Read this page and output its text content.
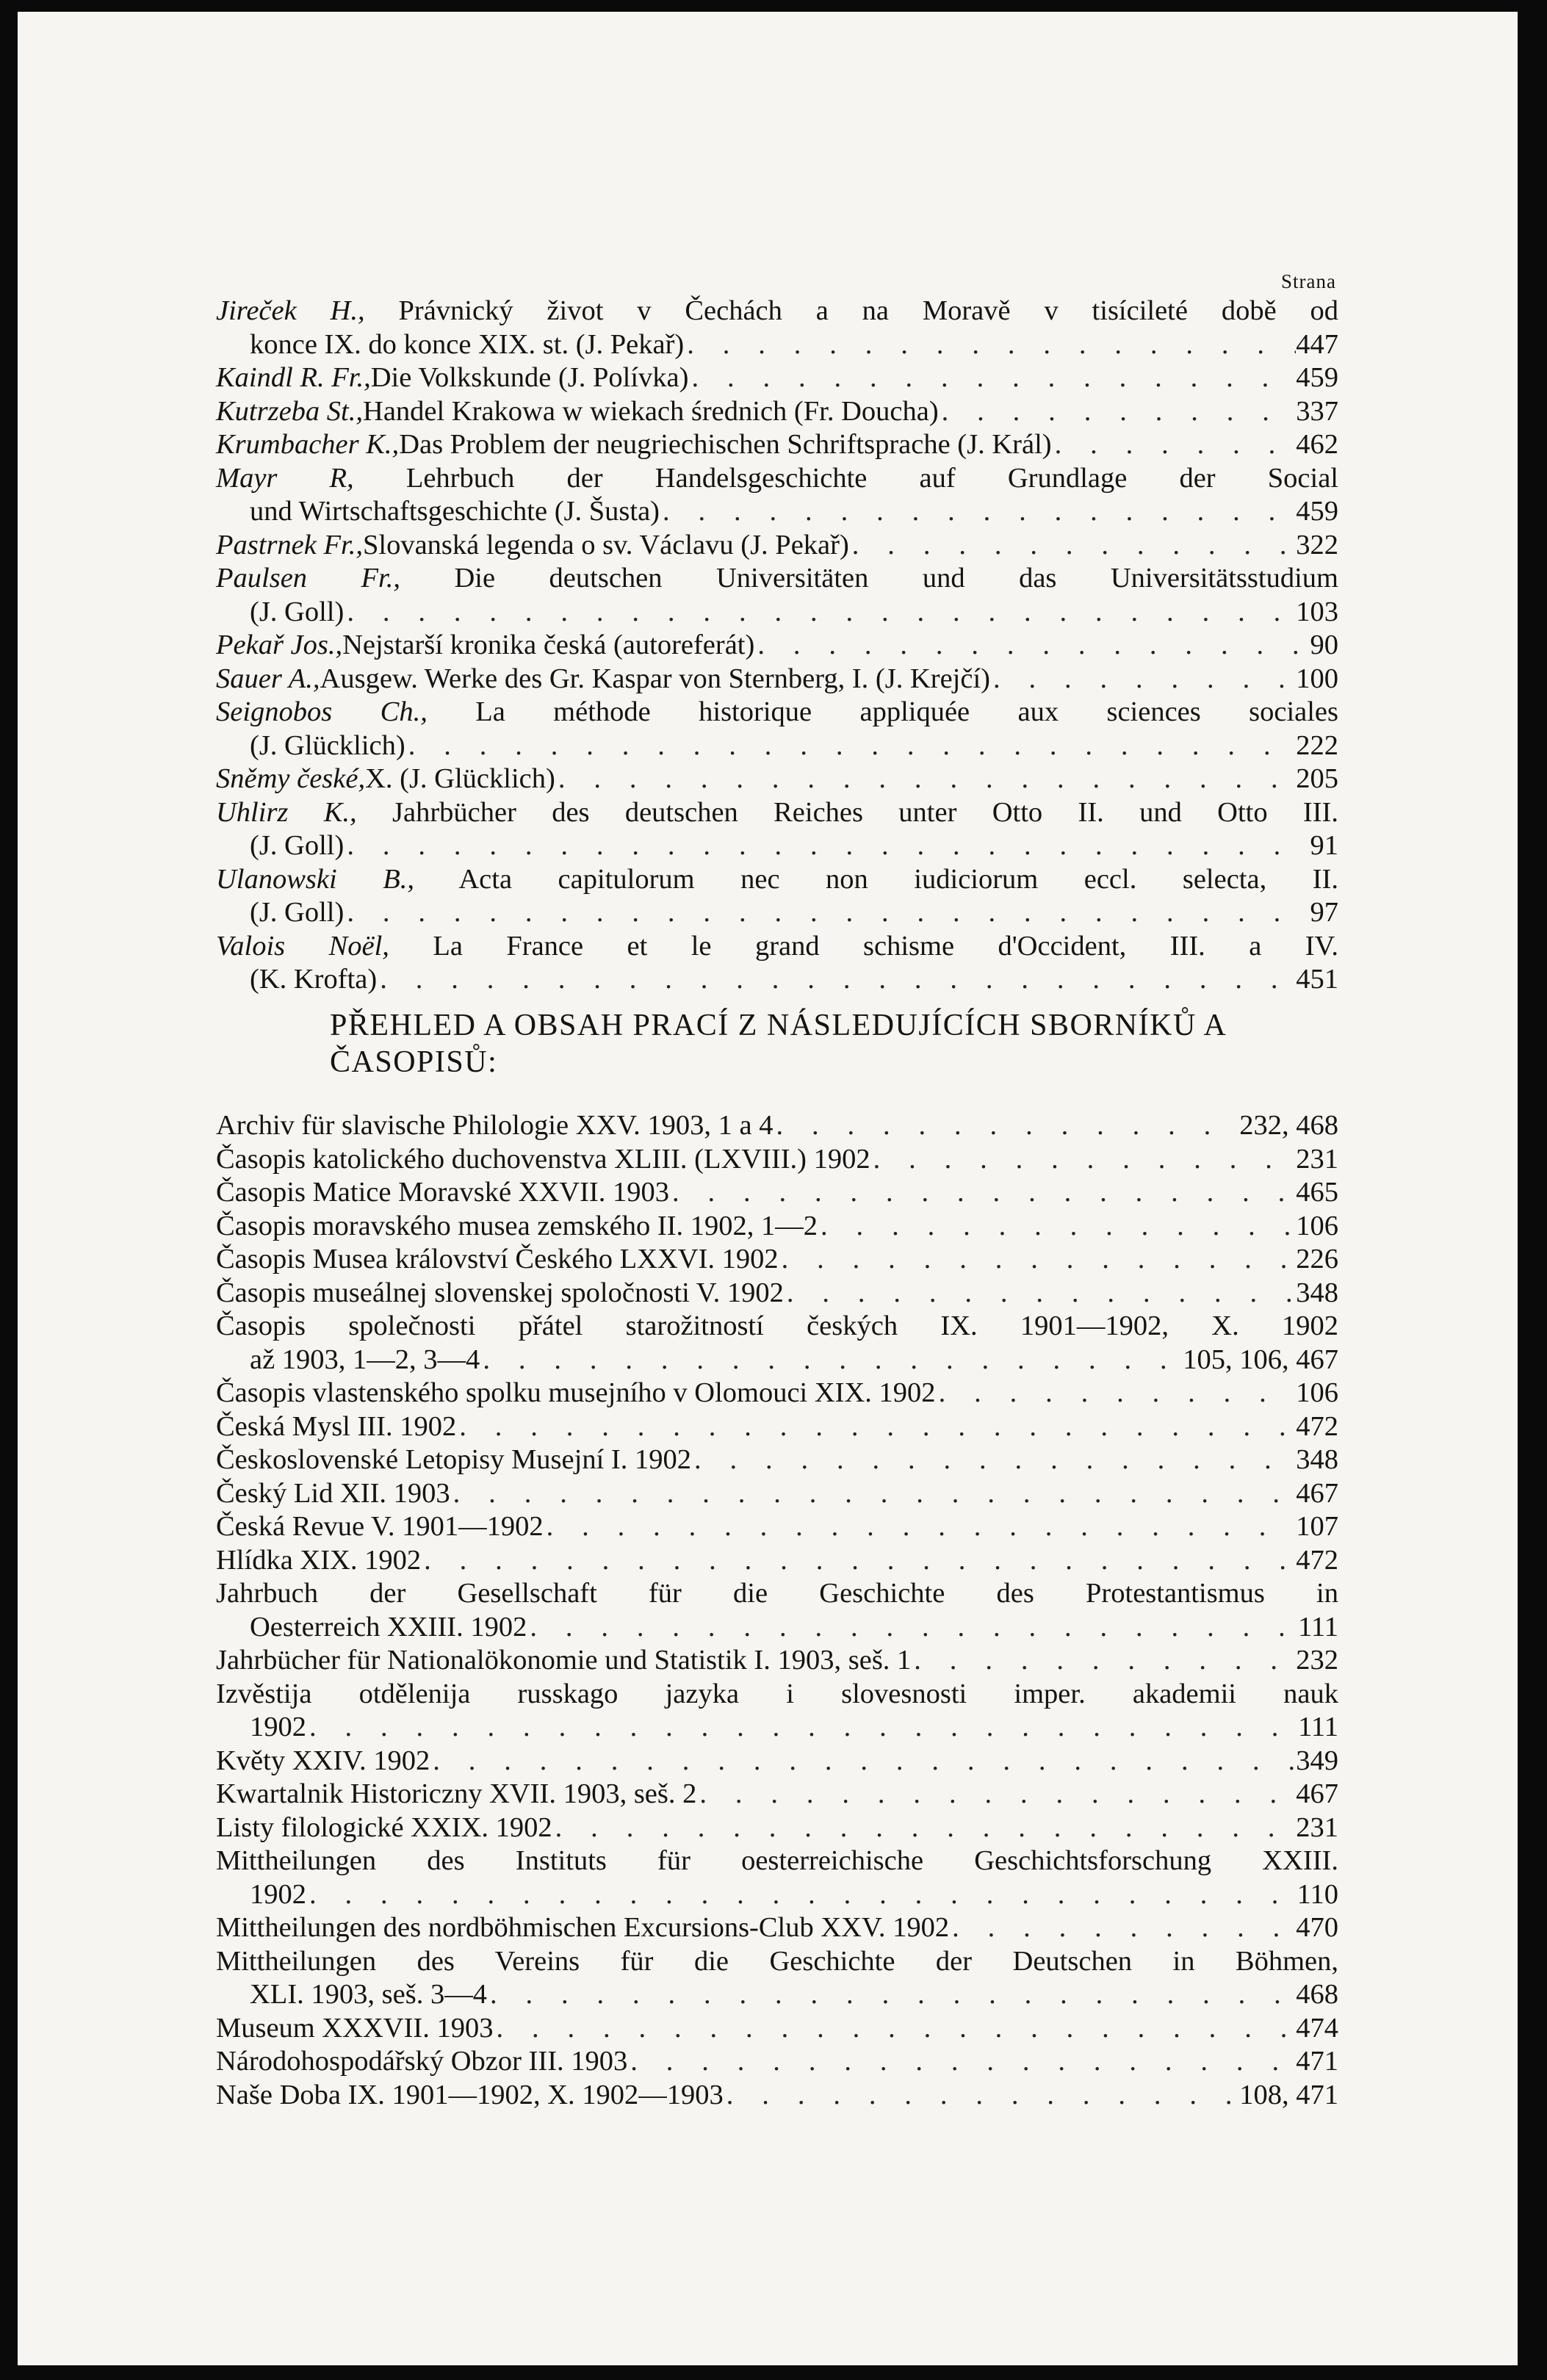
Strana
Jireček H., Právnický život v Čechách a na Moravě v tisícileté době od
konce IX. do konce XIX. st. (J. Pekař) . . .	447
Kaindl R. Fr., Die Volkskunde (J. Polívka) . . .	459
Kutrzeba St., Handel Krakowa w wiekach średnich (Fr. Doucha) . . .	337
Krumbacher K., Das Problem der neugriechischen Schriftsprache (J. Král) . . .	462
Mayr R, Lehrbuch der Handelsgeschichte auf Grundlage der Social
und Wirtschaftsgeschichte (J. Šusta) . . .	459
Pastrnek Fr., Slovanská legenda o sv. Václavu (J. Pekař) . . .	322
Paulsen Fr., Die deutschen Universitäten und das Universitätsstudium
(J. Goll) . . .	103
Pekař Jos., Nejstarší kronika česká (autoreferát) . . .	90
Sauer A., Ausgew. Werke des Gr. Kaspar von Sternberg, I. (J. Krejčí) . . .	100
Seignobos Ch., La méthode historique appliquée aux sciences sociales
(J. Glücklich) . . .	222
Sněmy české, X. (J. Glücklich) . . .	205
Uhlirz K., Jahrbücher des deutschen Reiches unter Otto II. und Otto III.
(J. Goll) . . .	91
Ulanowski B., Acta capitulorum nec non iudiciorum eccl. selecta, II.
(J. Goll) . . .	97
Valois Noël, La France et le grand schisme d'Occident, III. a IV.
(K. Krofta) . . .	451
PŘEHLED A OBSAH PRACÍ Z NÁSLEDUJÍCÍCH SBORNÍKŮ A
ČASOPISŮ:
Archiv für slavische Philologie XXV. 1903, 1 a 4 . . .	232, 468
Časopis katolického duchovenstva XLIII. (LXVIII.) 1902 . . .	231
Časopis Matice Moravské XXVII. 1903 . . .	465
Časopis moravského musea zemského II. 1902, 1—2 . . .	106
Časopis Musea království Českého LXXVI. 1902 . . .	226
Časopis museálnej slovenskej spoločnosti V. 1902 . . .	348
Časopis společnosti přátel starožitností českých IX. 1901—1902, X. 1902
až 1903, 1—2, 3—4 . . .	105, 106, 467
Časopis vlastenského spolku musejního v Olomouci XIX. 1902 . . .	106
Česká Mysl III. 1902 . . .	472
Československé Letopisy Musejní I. 1902 . . .	348
Český Lid XII. 1903 . . .	467
Česká Revue V. 1901—1902 . . .	107
Hlídka XIX. 1902 . . .	472
Jahrbuch der Gesellschaft für die Geschichte des Protestantismus in
Oesterreich XXIII. 1902 . . .	111
Jahrbücher für Nationalökonomie und Statistik I. 1903, seš. 1 . . .	232
Izvěstija otdělenija russkago jazyka i slovesnosti imper. akademii nauk
1902 . . .	111
Květy XXIV. 1902 . . .	349
Kwartalnik Historiczny XVII. 1903, seš. 2 . . .	467
Listy filologické XXIX. 1902 . . .	231
Mittheilungen des Instituts für oesterreichische Geschichtsforschung XXIII.
1902 . . .	110
Mittheilungen des nordböhmischen Excursions-Club XXV. 1902 . . .	470
Mittheilungen des Vereins für die Geschichte der Deutschen in Böhmen,
XLI. 1903, seš. 3—4 . . .	468
Museum XXXVII. 1903 . . .	474
Národohospodářský Obzor III. 1903 . . .	471
Naše Doba IX. 1901—1902, X. 1902—1903 . . .	108, 471
